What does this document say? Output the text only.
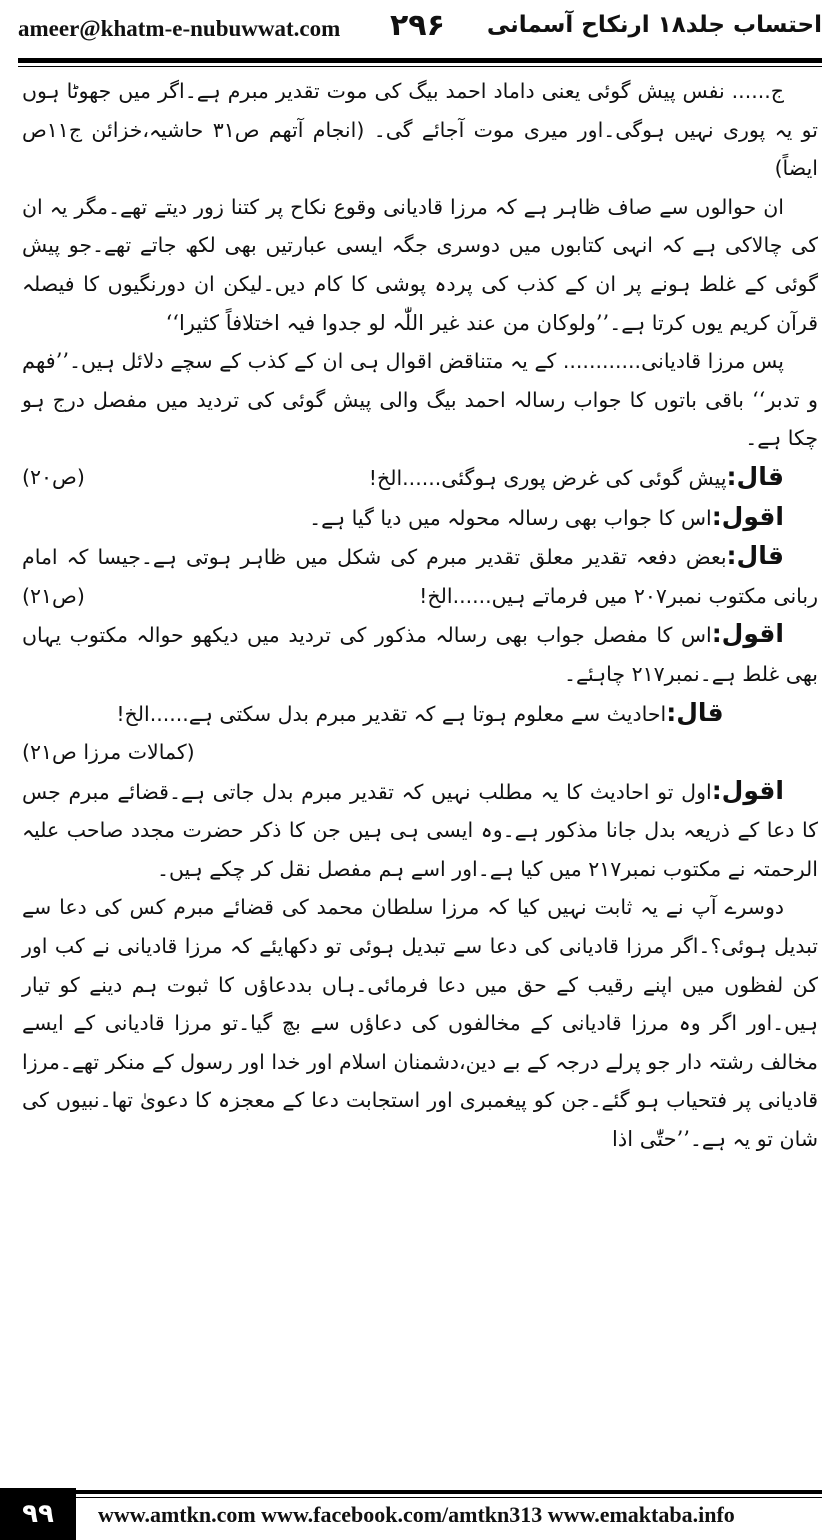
ameer@khatm-e-nubuwwat.com ۲۹۶ احتساب جلد۱۸ ارنکاح آسمانی

ج...... نفس پیش گوئی یعنی داماد احمد بیگ کی موت تقدیر مبرم ہے۔اگر میں جھوٹا ہوں تو یہ پوری نہیں ہوگی۔اور میری موت آجائے گی۔ (انجام آتھم ص۳۱ حاشیہ،خزائن ج۱۱ص ایضاً)

ان حوالوں سے صاف ظاہر ہے کہ مرزا قادیانی وقوع نکاح پر کتنا زور دیتے تھے۔مگر یہ ان کی چالاکی ہے کہ انہی کتابوں میں دوسری جگہ ایسی عبارتیں بھی لکھ جاتے تھے۔جو پیش گوئی کے غلط ہونے پر ان کے کذب کی پردہ پوشی کا کام دیں۔لیکن ان دورنگیوں کا فیصلہ قرآن کریم یوں کرتا ہے۔’’ولوکان من عند غیر اللّٰہ لو جدوا فیہ اختلافاً کثیرا‘‘

پس مرزا قادیانی............ کے یہ متناقض اقوال ہی ان کے کذب کے سچے دلائل ہیں۔’’فھم و تدبر‘‘ باقی باتوں کا جواب رسالہ احمد بیگ والی پیش گوئی کی تردید میں مفصل درج ہو چکا ہے۔

قال:پیش گوئی کی غرض پوری ہوگئی......الخ!
(ص۲۰)

اقول:اس کا جواب بھی رسالہ محولہ میں دیا گیا ہے۔

قال:بعض دفعہ تقدیر معلق تقدیر مبرم کی شکل میں ظاہر ہوتی ہے۔جیسا کہ امام ربانی مکتوب نمبر۲۰۷ میں فرماتے ہیں......الخ!
(ص۲۱)

اقول:اس کا مفصل جواب بھی رسالہ مذکور کی تردید میں دیکھو حوالہ مکتوب یہاں بھی غلط ہے۔نمبر۲۱۷ چاہئے۔

قال:احادیث سے معلوم ہوتا ہے کہ تقدیر مبرم بدل سکتی ہے......الخ!

(کمالات مرزا ص۲۱)

اقول:اول تو احادیث کا یہ مطلب نہیں کہ تقدیر مبرم بدل جاتی ہے۔قضائے مبرم جس کا دعا کے ذریعہ بدل جانا مذکور ہے۔وہ ایسی ہی ہیں جن کا ذکر حضرت مجدد صاحب علیہ الرحمتہ نے مکتوب نمبر۲۱۷ میں کیا ہے۔اور اسے ہم مفصل نقل کر چکے ہیں۔

دوسرے آپ نے یہ ثابت نہیں کیا کہ مرزا سلطان محمد کی قضائے مبرم کس کی دعا سے تبدیل ہوئی؟۔اگر مرزا قادیانی کی دعا سے تبدیل ہوئی تو دکھایئے کہ مرزا قادیانی نے کب اور کن لفظوں میں اپنے رقیب کے حق میں دعا فرمائی۔ہاں بددعاؤں کا ثبوت ہم دینے کو تیار ہیں۔اور اگر وہ مرزا قادیانی کے مخالفوں کی دعاؤں سے بچ گیا۔تو مرزا قادیانی کے ایسے مخالف رشتہ دار جو پرلے درجہ کے بے دین،دشمنان اسلام اور خدا اور رسول کے منکر تھے۔مرزا قادیانی پر فتحیاب ہو گئے۔جن کو پیغمبری اور استجابت دعا کے معجزہ کا دعویٰ تھا۔نبیوں کی شان تو یہ ہے۔’’حتّٰی اذا

۹۹	www.amtkn.com www.facebook.com/amtkn313 www.emaktaba.info
